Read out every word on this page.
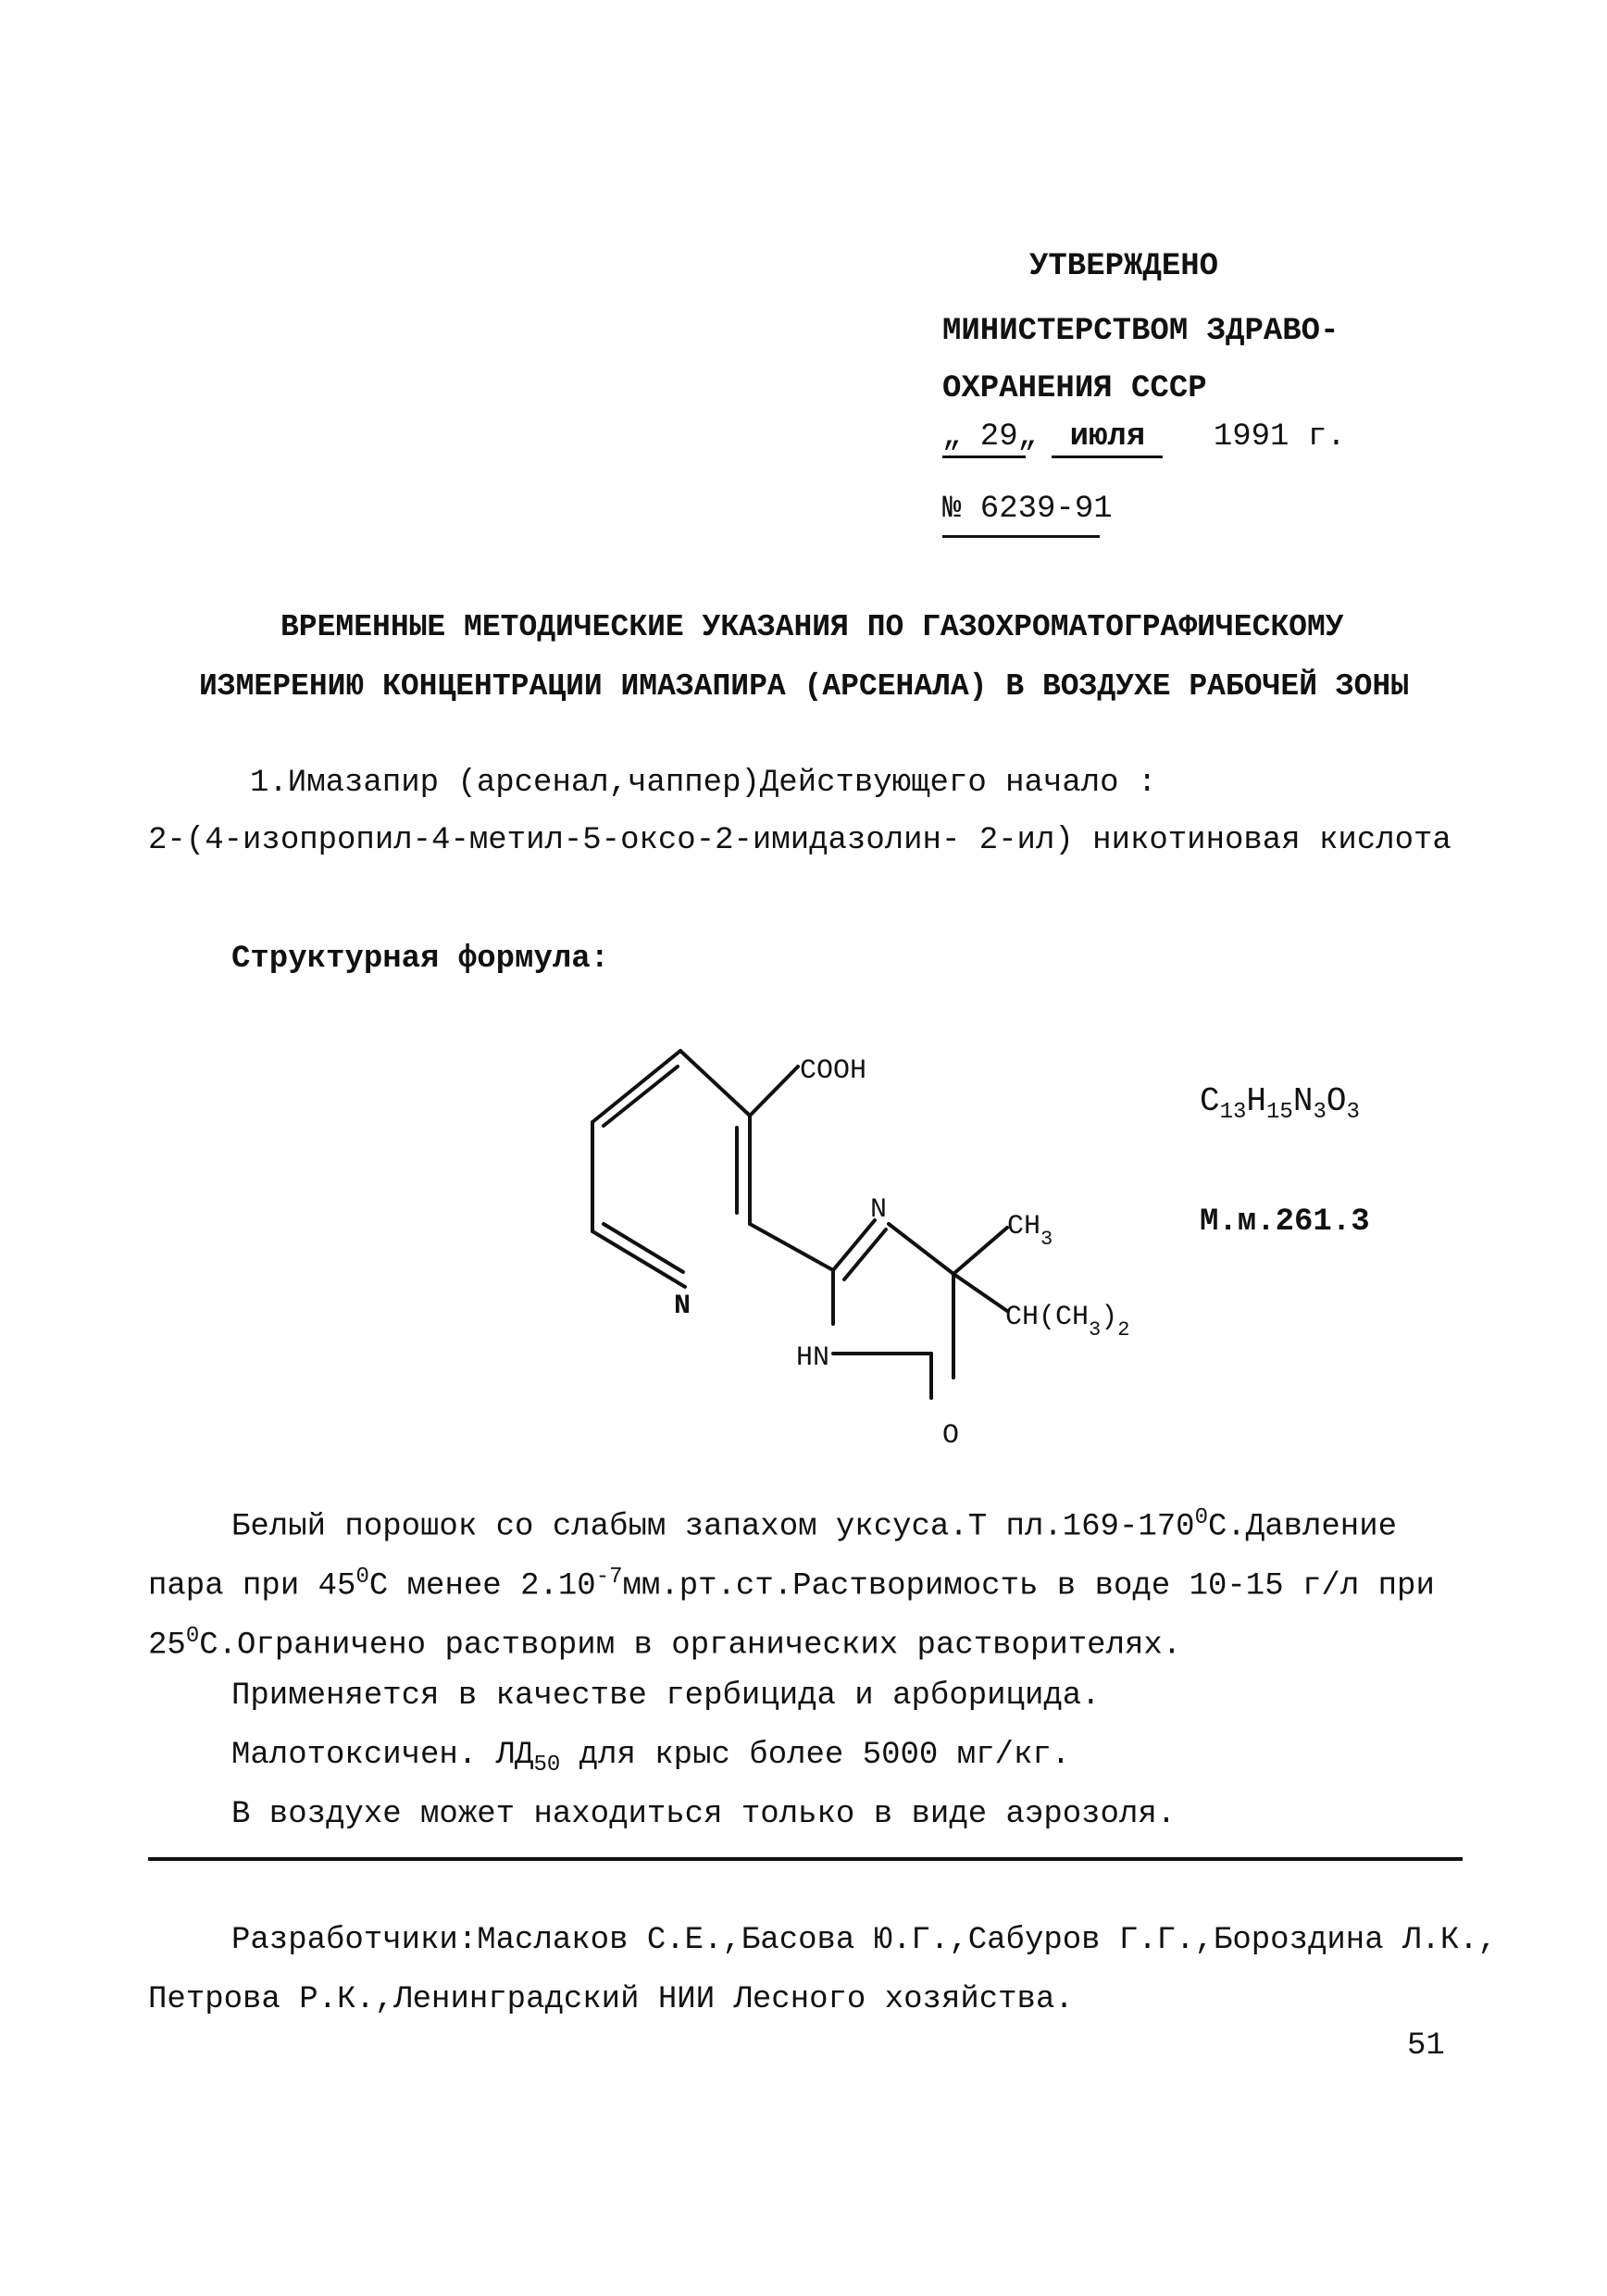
УТВЕРЖДЕНО
МИНИСТЕРСТВОМ ЗДРАВО-
ОХРАНЕНИЯ СССР
„ 29„ июля 1991 г.
№ 6239-91
ВРЕМЕННЫЕ МЕТОДИЧЕСКИЕ УКАЗАНИЯ ПО ГАЗОХРОМАТОГРАФИЧЕСКОМУ
ИЗМЕРЕНИЮ КОНЦЕНТРАЦИИ ИМАЗАПИРА (АРСЕНАЛА) В ВОЗДУХЕ РАБОЧЕЙ ЗОНЫ
1.Имазапир (арсенал,чаппер)Действующего начало :
2-(4-изопропил-4-метил-5-оксо-2-имидазолин- 2-ил) никотиновая кислота
Структурная формула:
COOH
N
N
HN
O
$CH_3$
$CH(CH_3)_2$
$C_{13}H_{15}N_3O_3$
М.м.261.3
Белый порошок со слабым запахом уксуса.Т $пл.169-170^0С.Давление$
пара при $45^0С$ менее $2.10^{-7}мм.рт.ст.Растворимость$ в воде 10-15 г/л при
$25^0С.Ограничено$ растворим в органических растворителях.
Применяется в качестве гербицида и арборицида.
Малотоксичен. $ЛД_{50}$ для крыс более 5000 мг/кг.
В воздухе может находиться только в виде аэрозоля.
Разработчики:Маслаков С.Е.,Басова Ю.Г.,Сабуров Г.Г.,Бороздина Л.К.,
Петрова Р.К.,Ленинградский НИИ Лесного хозяйства.
51
